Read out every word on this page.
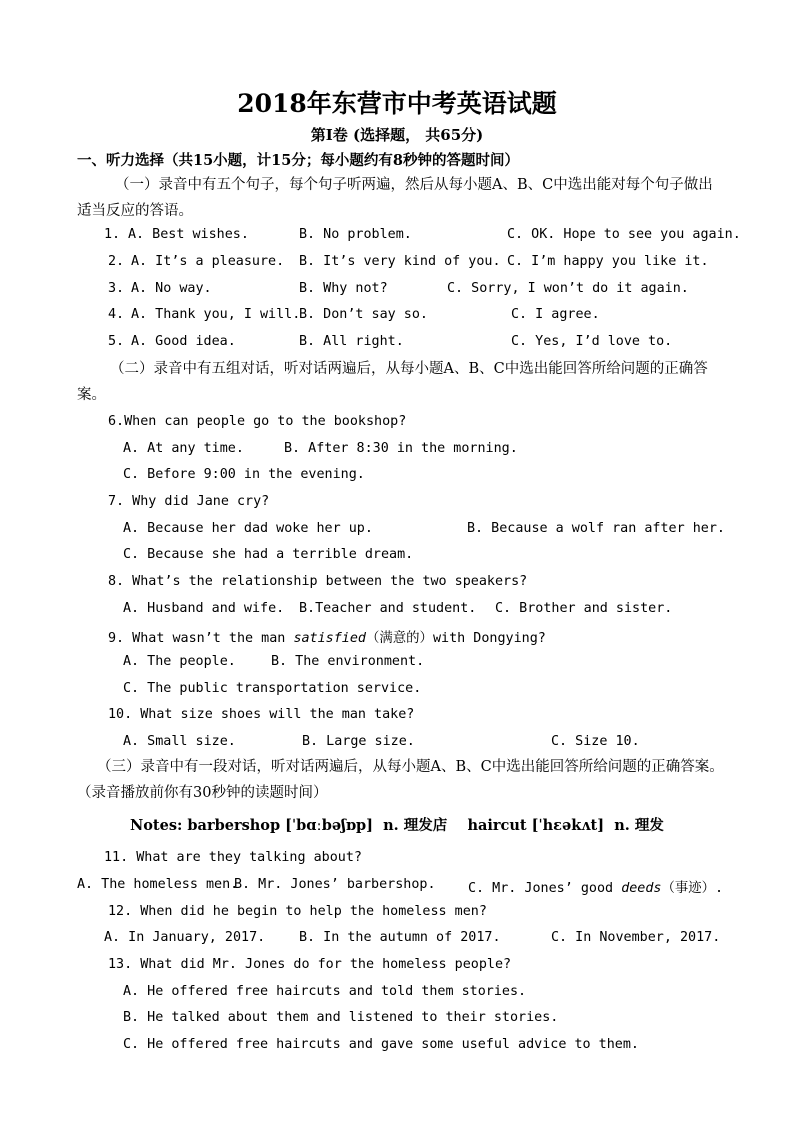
2018年东营市中考英语试题
第Ⅰ卷 (选择题， 共65分)
一、听力选择（共15小题，计15分；每小题约有8秒钟的答题时间）
（一）录音中有五个句子，每个句子听两遍，然后从每小题A、B、C中选出能对每个句子做出适当反应的答语。
1. A. Best wishes.	B. No problem.	C. OK. Hope to see you again.
2. A. It’s a pleasure. B. It’s very kind of you. C. I’m happy you like it.
3. A. No way.	B. Why not?	C. Sorry, I won’t do it again.
4. A. Thank you, I will.
B. Don’t say so.	C. I agree.
5. A. Good idea.	B. All right.	C. Yes, I’d love to.
（二）录音中有五组对话，听对话两遍后，从每小题A、B、C中选出能回答所给问题的正确答案。
6.When can people go to the bookshop?
A. At any time.	B. After 8:30 in the morning.
C. Before 9:00 in the evening.
7. Why did Jane cry?
A. Because her dad woke her up.	B. Because a wolf ran after her.
C. Because she had a terrible dream.
8. What’s the relationship between the two speakers?
A. Husband and wife. B.Teacher and student. C. Brother and sister.
9. What wasn’t the man satisfied（满意的）with Dongying?
A. The people.	B. The environment.
C. The public transportation service.
10. What size shoes will the man take?
A. Small size.	B. Large size.	C. Size 10.
（三）录音中有一段对话，听对话两遍后，从每小题A、B、C中选出能回答所给问题的正确答案。（录音播放前你有30秒钟的读题时间）
Notes: barbershop [ˈbɑːbəʃɒp]  n. 理发店    haircut [ˈhɛəkʌt]  n. 理发
11. What are they talking about?
A. The homeless men.
B. Mr. Jones’ barbershop. C. Mr. Jones’ good deeds（事迹）.
12. When did he begin to help the homeless men?
A. In January, 2017.	B. In the autumn of 2017.	C. In November, 2017.
13. What did Mr. Jones do for the homeless people?
A. He offered free haircuts and told them stories.
B. He talked about them and listened to their stories.
C. He offered free haircuts and gave some useful advice to them.
